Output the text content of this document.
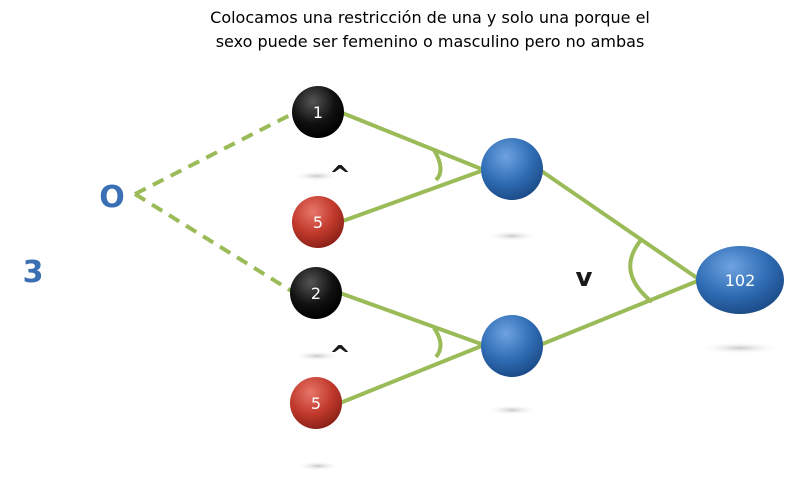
Colocamos una restricción de una y solo una porque el
sexo puede ser femenino o masculino pero no ambas
1
5
2
5
102
^
^
v
O
3
